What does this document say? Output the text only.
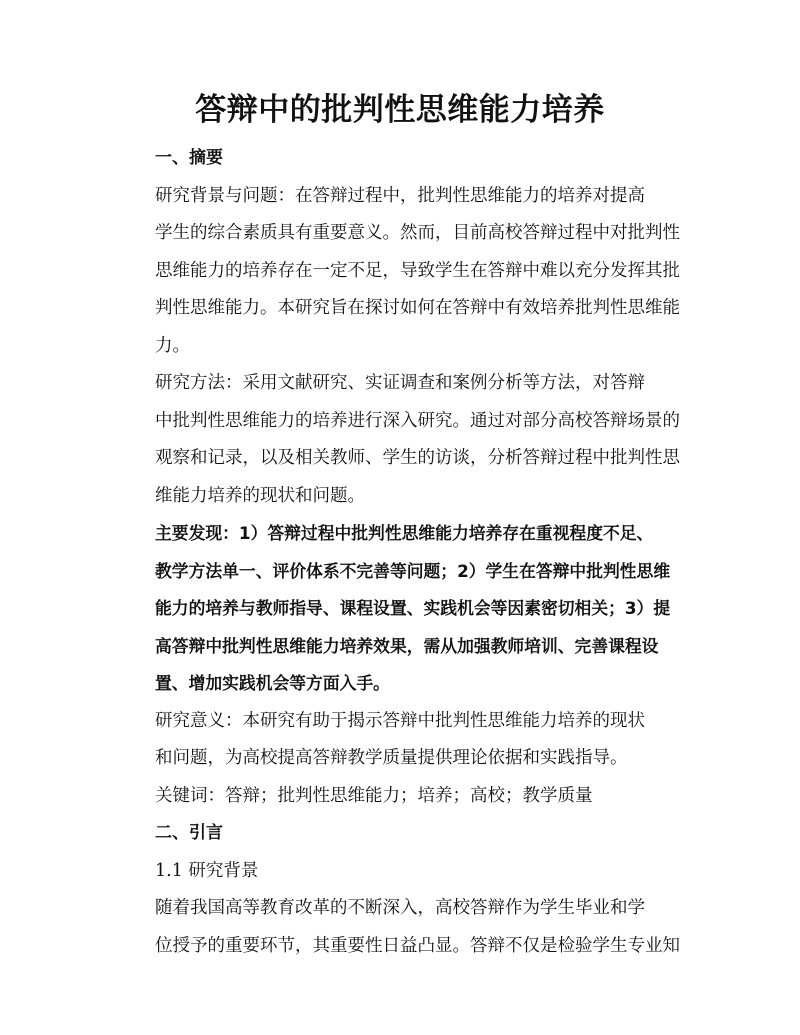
答辩中的批判性思维能力培养

一、摘要

研究背景与问题：在答辩过程中，批判性思维能力的培养对提高
学生的综合素质具有重要意义。然而，目前高校答辩过程中对批判性
思维能力的培养存在一定不足，导致学生在答辩中难以充分发挥其批
判性思维能力。本研究旨在探讨如何在答辩中有效培养批判性思维能
力。

研究方法：采用文献研究、实证调查和案例分析等方法，对答辩
中批判性思维能力的培养进行深入研究。通过对部分高校答辩场景的
观察和记录，以及相关教师、学生的访谈，分析答辩过程中批判性思
维能力培养的现状和问题。

主要发现：1）答辩过程中批判性思维能力培养存在重视程度不足、
教学方法单一、评价体系不完善等问题；2）学生在答辩中批判性思维
能力的培养与教师指导、课程设置、实践机会等因素密切相关；3）提
高答辩中批判性思维能力培养效果，需从加强教师培训、完善课程设
置、增加实践机会等方面入手。

研究意义：本研究有助于揭示答辩中批判性思维能力培养的现状
和问题，为高校提高答辩教学质量提供理论依据和实践指导。

关键词：答辩；批判性思维能力；培养；高校；教学质量

二、引言

1.1 研究背景

随着我国高等教育改革的不断深入，高校答辩作为学生毕业和学
位授予的重要环节，其重要性日益凸显。答辩不仅是检验学生专业知
